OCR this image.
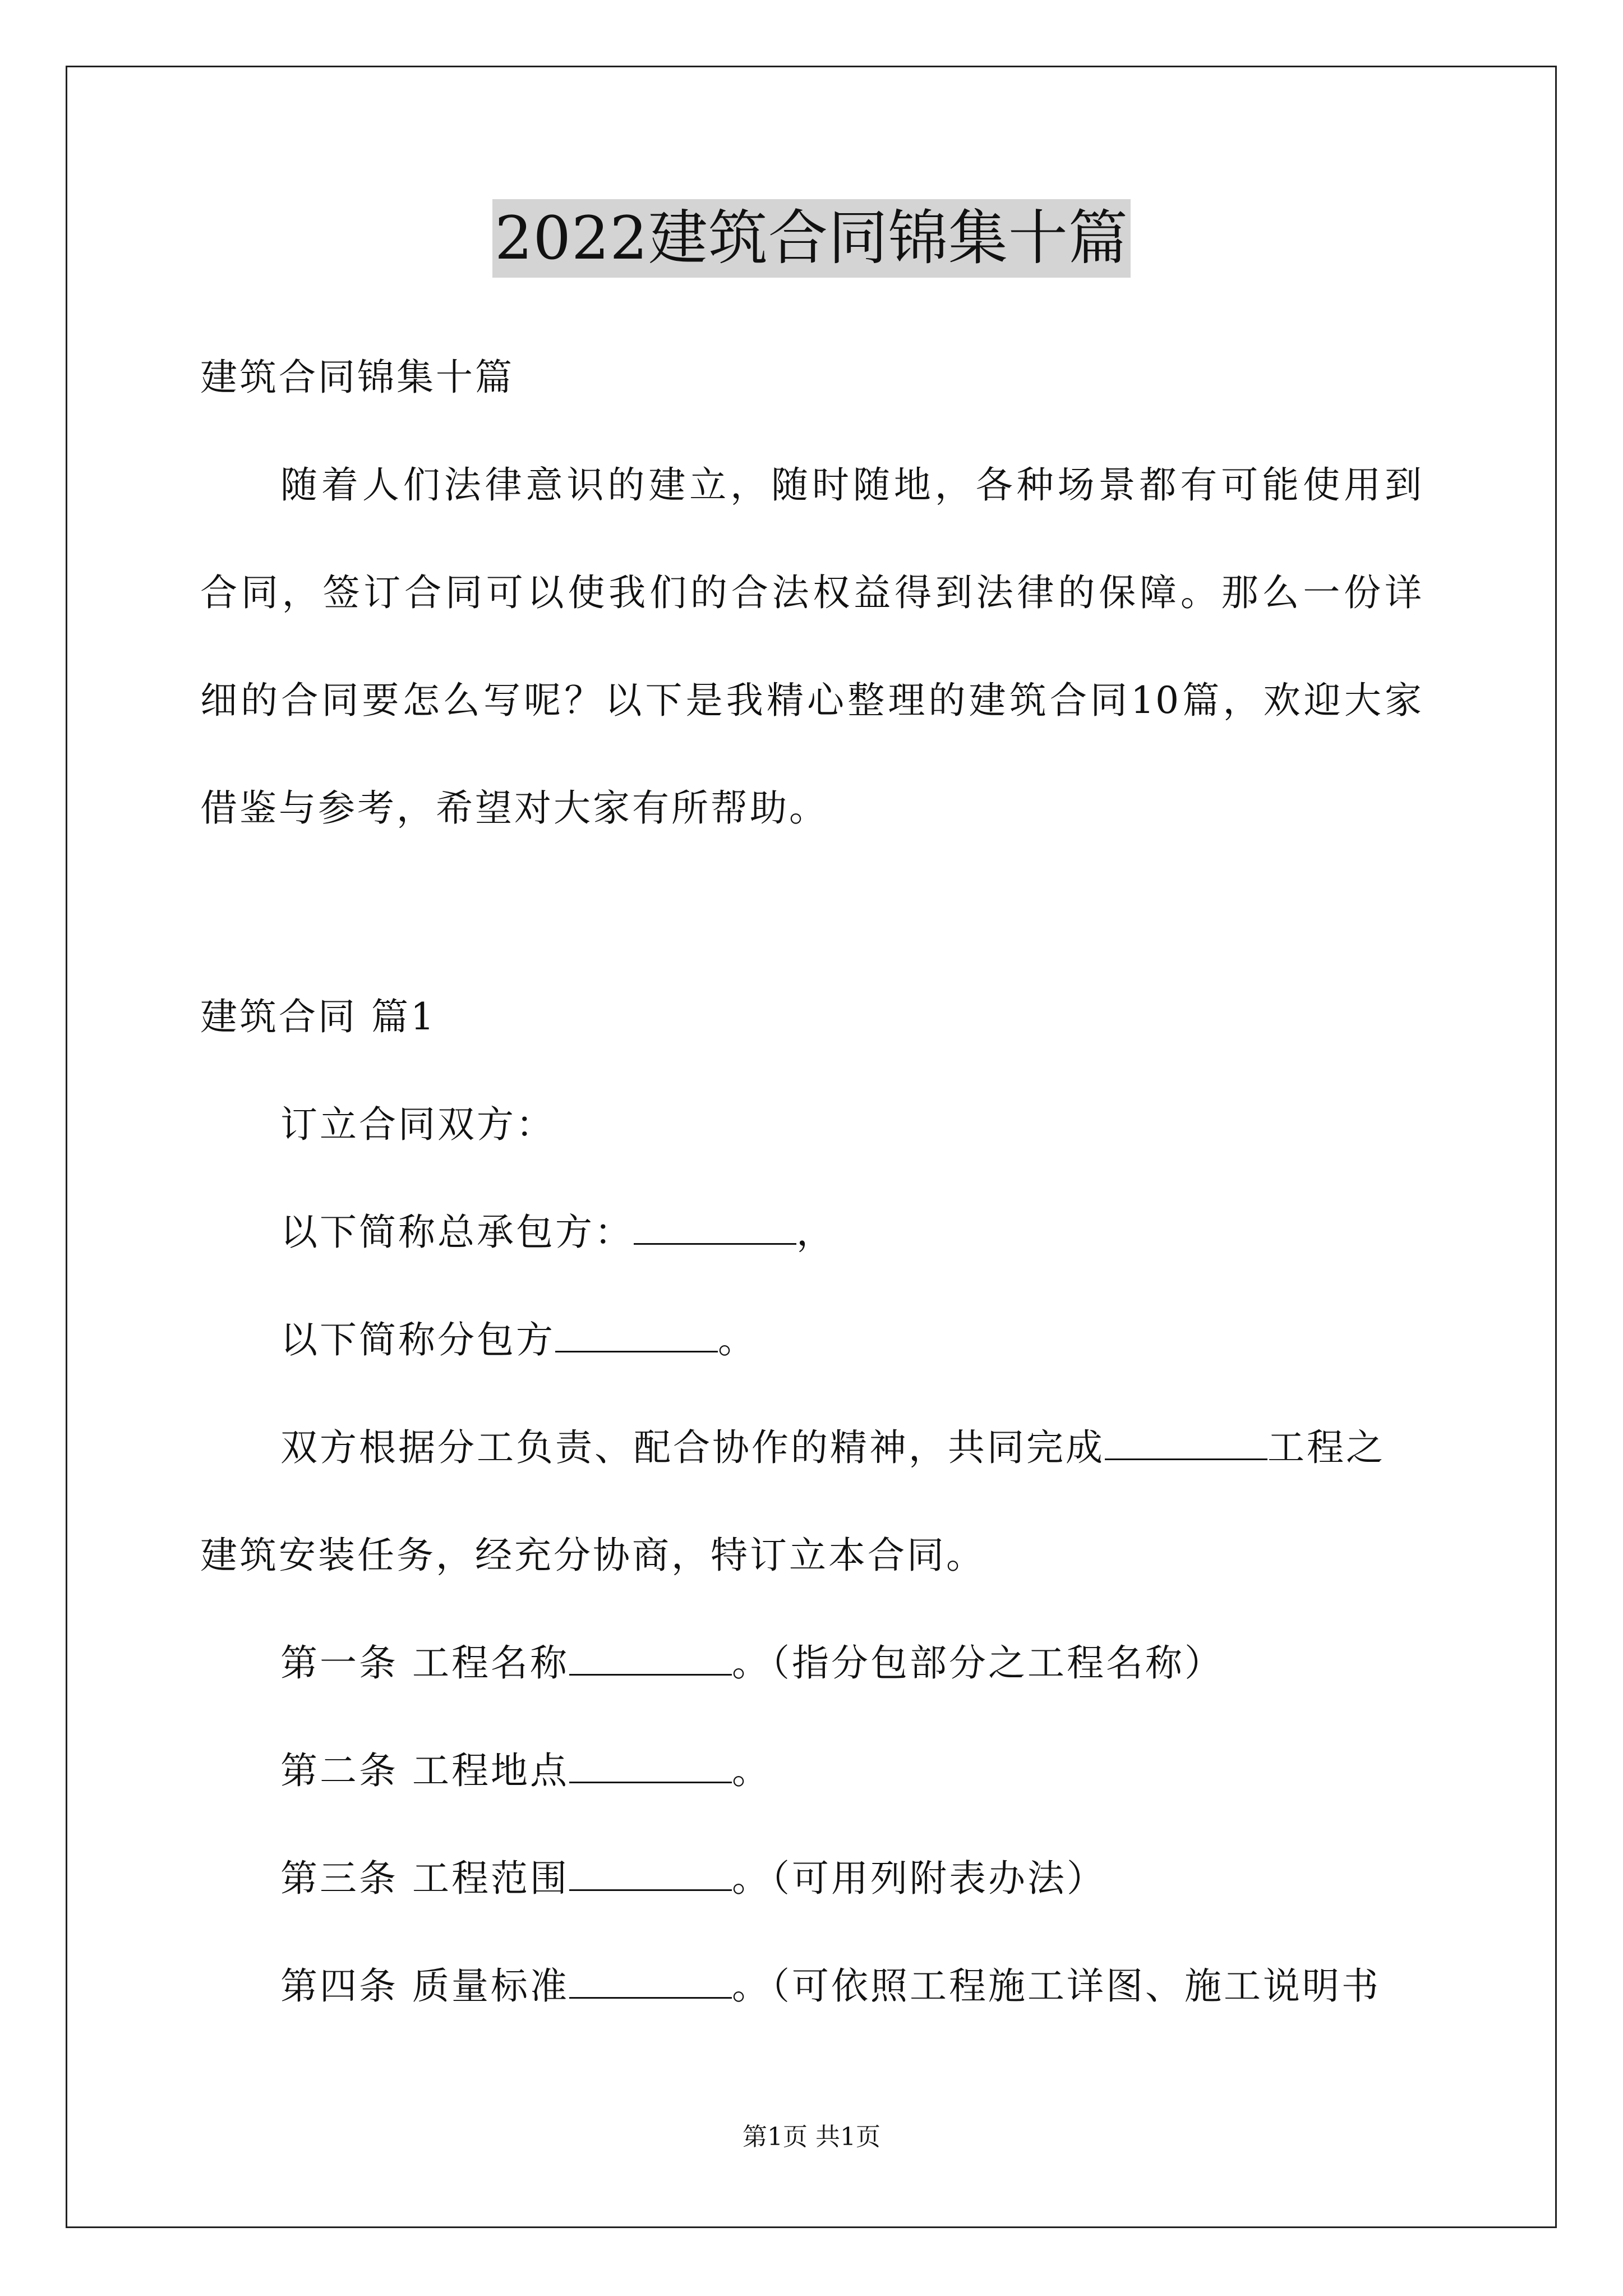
2022建筑合同锦集十篇
建筑合同锦集十篇
随着人们法律意识的建立，随时随地，各种场景都有可能使用到
合同，签订合同可以使我们的合法权益得到法律的保障。那么一份详
细的合同要怎么写呢？以下是我精心整理的建筑合同10篇，欢迎大家
借鉴与参考，希望对大家有所帮助。
建筑合同 篇1
订立合同双方：
以下简称总承包方：	，
以下简称分包方	。
双方根据分工负责、配合协作的精神，共同完成	工程之
建筑安装任务，经充分协商，特订立本合同。
第一条 工程名称	。（指分包部分之工程名称）
第二条 工程地点	。
第三条 工程范围	。（可用列附表办法）
第四条 质量标准	。（可依照工程施工详图、施工说明书
第1页 共1页
